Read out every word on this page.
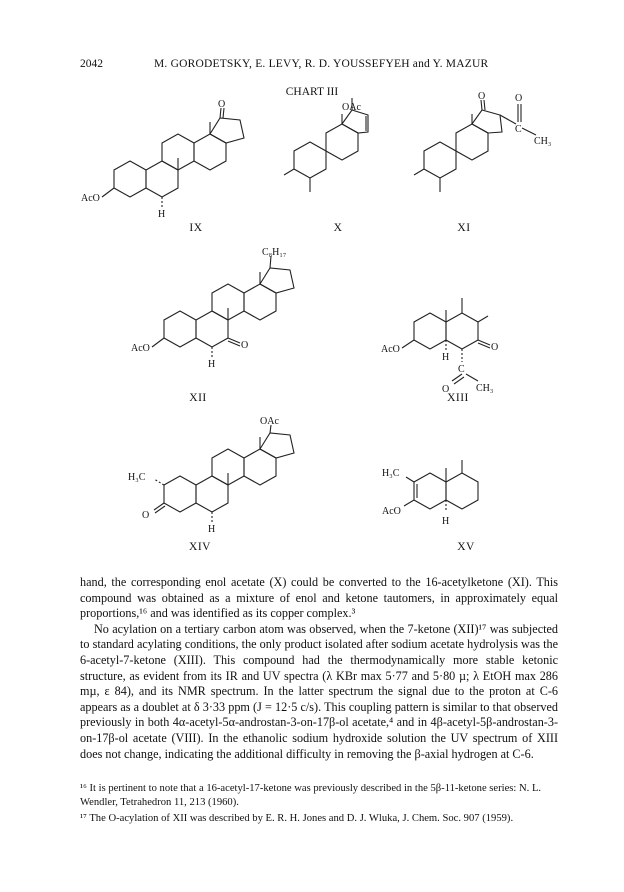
2042	M. GORODETSKY, E. LEVY, R. D. YOUSSEFYEH and Y. MAZUR
CHART III
O
AcO
H
IX
OAc
X
O	O
C
CH₃
XI
C₈H₁₇
AcO
H
O
XII
AcO
H
C
O
O	CH₃
XIII
OAc
H₃C
O
H
XIV
H₃C
AcO
H
XV

hand, the corresponding enol acetate (X) could be converted to the 16-acetylketone (XI). This compound was obtained as a mixture of enol and ketone tautomers, in approximately equal proportions,¹⁶ and was identified as its copper complex.³

No acylation on a tertiary carbon atom was observed, when the 7-ketone (XII)¹⁷ was subjected to standard acylating conditions, the only product isolated after sodium acetate hydrolysis was the 6-acetyl-7-ketone (XIII). This compound had the thermodynamically more stable ketonic structure, as evident from its IR and UV spectra (λ KBr max 5·77 and 5·80 µ; λ EtOH max 286 mµ, ε 84), and its NMR spectrum. In the latter spectrum the signal due to the proton at C-6 appears as a doublet at δ 3·33 ppm (J = 12·5 c/s). This coupling pattern is similar to that observed previously in both 4α-acetyl-5α-androstan-3-on-17β-ol acetate,⁴ and in 4β-acetyl-5β-androstan-3-on-17β-ol acetate (VIII). In the ethanolic sodium hydroxide solution the UV spectrum of XIII does not change, indicating the additional difficulty in removing the β-axial hydrogen at C-6.

¹⁶ It is pertinent to note that a 16-acetyl-17-ketone was previously described in the 5β-11-ketone series: N. L. Wendler, Tetrahedron 11, 213 (1960).
¹⁷ The O-acylation of XII was described by E. R. H. Jones and D. J. Wluka, J. Chem. Soc. 907 (1959).
